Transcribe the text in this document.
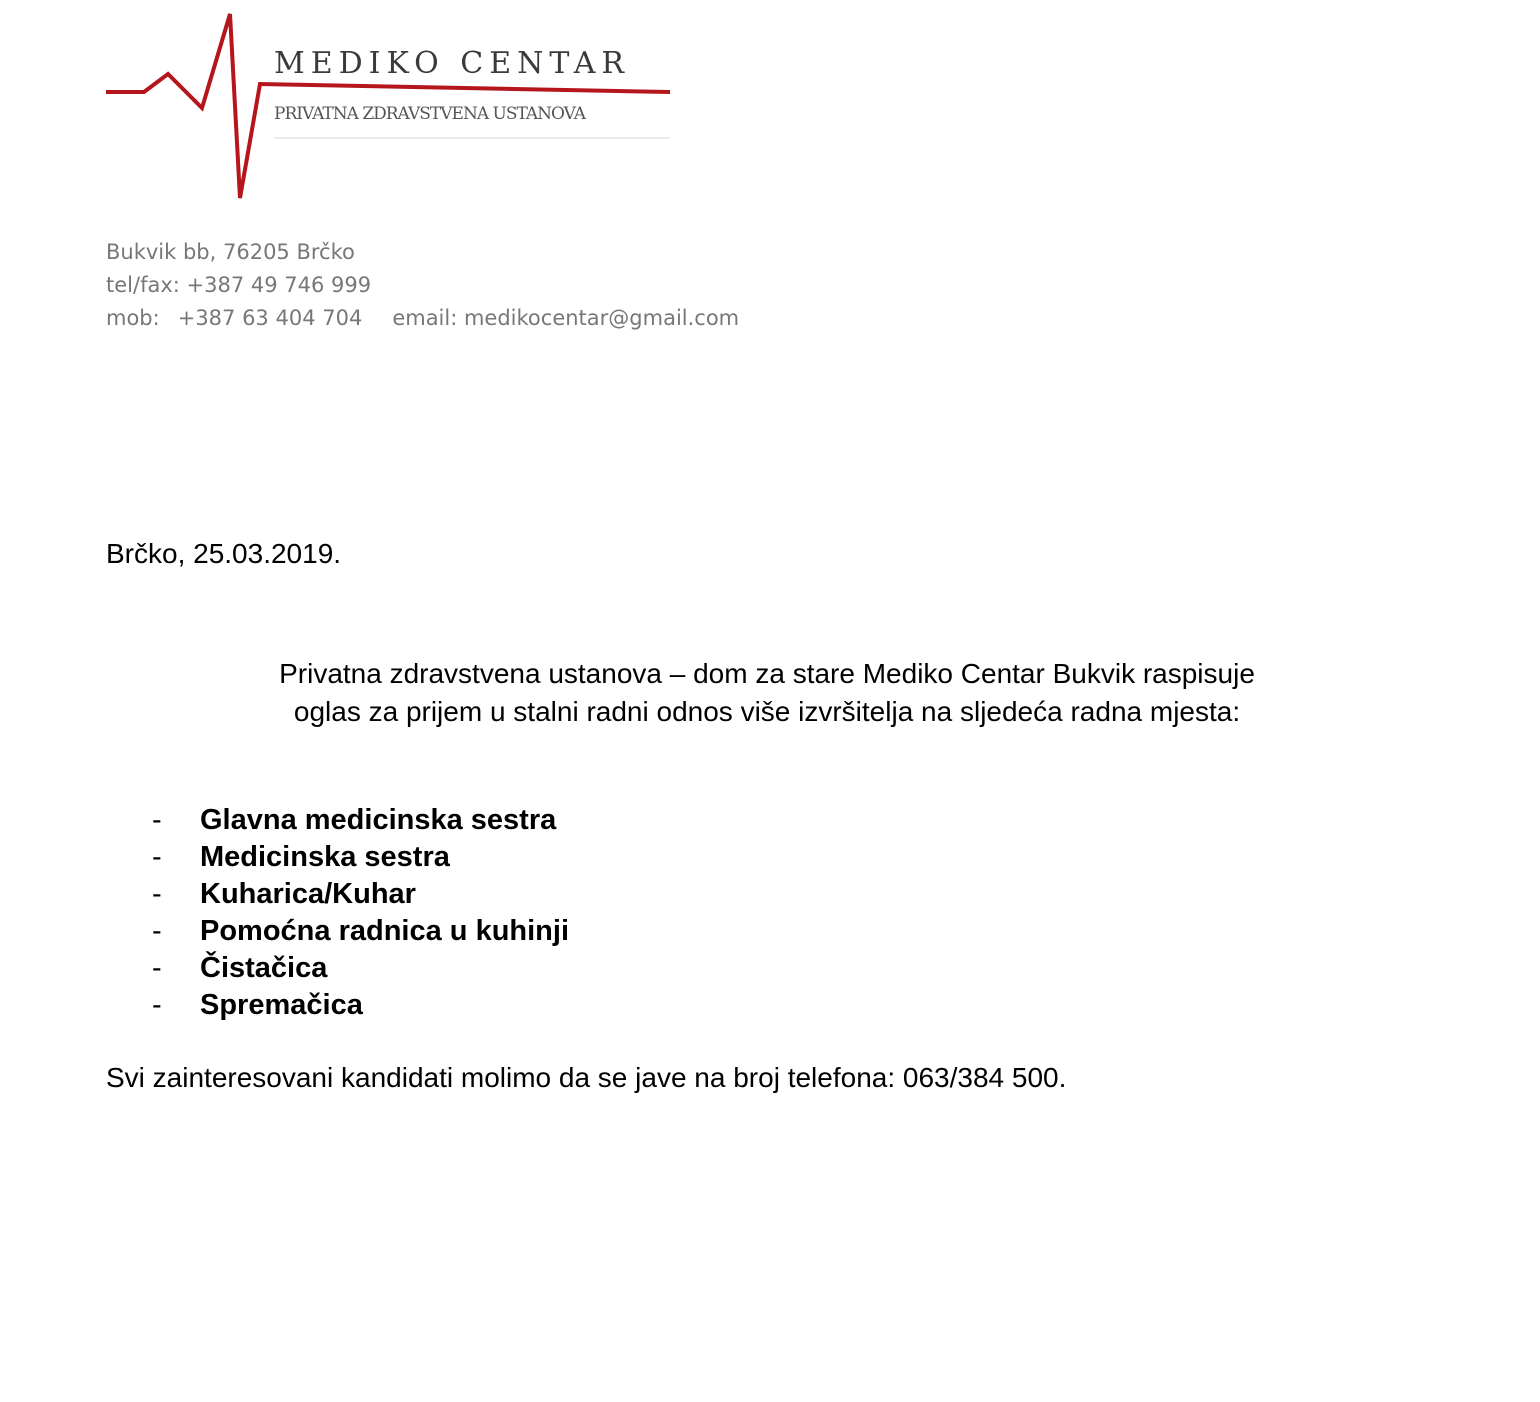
MEDIKO CENTAR
PRIVATNA ZDRAVSTVENA USTANOVA
Bukvik bb, 76205 Brčko
tel/fax: +387 49 746 999
mob: +387 63 404 704 email: medikocentar@gmail.com
Brčko, 25.03.2019.
Privatna zdravstvena ustanova – dom za stare Mediko Centar Bukvik raspisuje
oglas za prijem u stalni radni odnos više izvršitelja na sljedeća radna mjesta:
-	Glavna medicinska sestra
-	Medicinska sestra
-	Kuharica/Kuhar
-	Pomoćna radnica u kuhinji
-	Čistačica
-	Spremačica
Svi zainteresovani kandidati molimo da se jave na broj telefona: 063/384 500.
